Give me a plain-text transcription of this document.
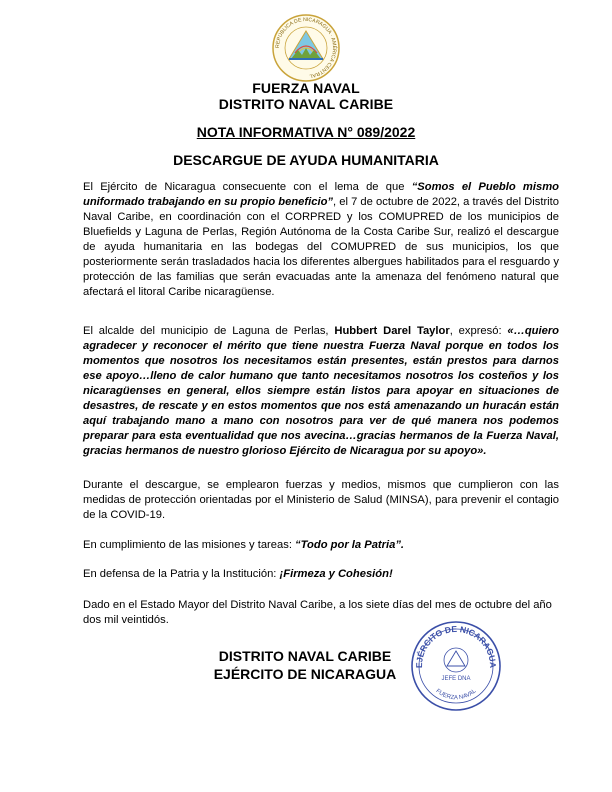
REPÚBLICA DE NICARAGUA · AMÉRICA CENTRAL
FUERZA NAVAL
DISTRITO NAVAL CARIBE
NOTA INFORMATIVA N° 089/2022
DESCARGUE DE AYUDA HUMANITARIA
El Ejército de Nicaragua consecuente con el lema de que “Somos el Pueblo mismo uniformado trabajando en su propio beneficio”, el 7 de octubre de 2022, a través del Distrito Naval Caribe, en coordinación con el CORPRED y los COMUPRED de los municipios de Bluefields y Laguna de Perlas, Región Autónoma de la Costa Caribe Sur, realizó el descargue de ayuda humanitaria en las bodegas del COMUPRED de sus municipios, los que posteriormente serán trasladados hacia los diferentes albergues habilitados para el resguardo y protección de las familias que serán evacuadas ante la amenaza del fenómeno natural que afectará el litoral Caribe nicaragüense.
El alcalde del municipio de Laguna de Perlas, Hubbert Darel Taylor, expresó: «…quiero agradecer y reconocer el mérito que tiene nuestra Fuerza Naval porque en todos los momentos que nosotros los necesitamos están presentes, están prestos para darnos ese apoyo…lleno de calor humano que tanto necesitamos nosotros los costeños y los nicaragüenses en general, ellos siempre están listos para apoyar en situaciones de desastres, de rescate y en estos momentos que nos está amenazando un huracán están aquí trabajando mano a mano con nosotros para ver de qué manera nos podemos preparar para esta eventualidad que nos avecina…gracias hermanos de la Fuerza Naval, gracias hermanos de nuestro glorioso Ejército de Nicaragua por su apoyo».
Durante el descargue, se emplearon fuerzas y medios, mismos que cumplieron con las medidas de protección orientadas por el Ministerio de Salud (MINSA), para prevenir el contagio de la COVID-19.
En cumplimiento de las misiones y tareas: “Todo por la Patria”.
En defensa de la Patria y la Institución: ¡Firmeza y Cohesión!
Dado en el Estado Mayor del Distrito Naval Caribe, a los siete días del mes de octubre del año dos mil veintidós.
DISTRITO NAVAL CARIBE
EJÉRCITO DE NICARAGUA
EJÉRCITO DE NICARAGUA
JEFE DNA
FUERZA NAVAL
